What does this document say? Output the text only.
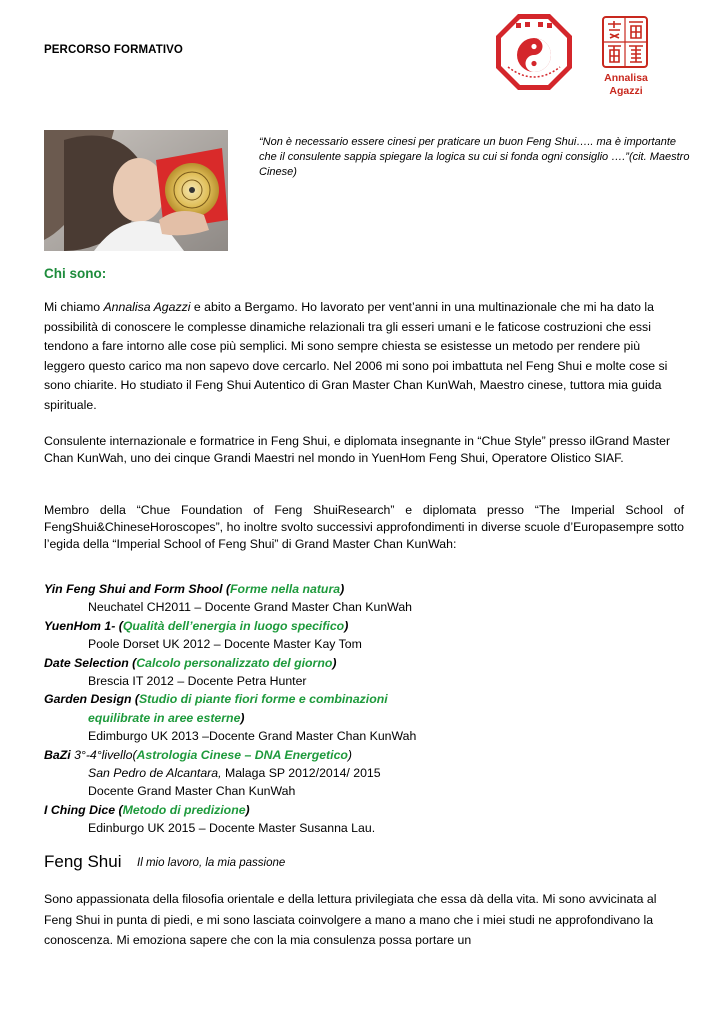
PERCORSO FORMATIVO
Annalisa
Agazzi
“Non è necessario essere cinesi per praticare un buon Feng Shui….. ma è importante che il consulente sappia spiegare la logica su cui si fonda ogni consiglio ….”(cit. Maestro Cinese)
Chi sono:
Mi chiamo Annalisa Agazzi e abito a Bergamo. Ho lavorato per vent’anni in una multinazionale che mi ha dato la possibilità di conoscere le complesse dinamiche relazionali tra gli esseri umani e le faticose costruzioni che essi tendono a fare intorno alle cose più semplici. Mi sono sempre chiesta se esistesse un metodo per rendere più leggero questo carico ma non sapevo dove cercarlo. Nel 2006 mi sono poi imbattuta nel Feng Shui e molte cose si sono chiarite. Ho studiato il Feng Shui Autentico di Gran Master Chan KunWah, Maestro cinese, tuttora mia guida spirituale.
Consulente internazionale e formatrice in Feng Shui, e diplomata insegnante in “Chue Style” presso ilGrand Master Chan KunWah, uno dei cinque Grandi Maestri nel mondo in YuenHom Feng Shui, Operatore Olistico SIAF.
Membro della “Chue Foundation of Feng ShuiResearch” e diplomata presso “The Imperial School of FengShui&ChineseHoroscopes”, ho inoltre svolto successivi approfondimenti in diverse scuole d’Europasempre sotto l’egida della “Imperial School of Feng Shui” di Grand Master Chan KunWah:
Yin Feng Shui and Form Shool (Forme nella natura)
Neuchatel CH2011 – Docente Grand Master Chan KunWah
YuenHom 1- (Qualità dell’energia in luogo specifico)
Poole Dorset UK 2012 – Docente Master Kay Tom
Date Selection (Calcolo personalizzato del giorno)
Brescia IT 2012 – Docente Petra Hunter
Garden Design (Studio di piante fiori forme e combinazioni
equilibrate in aree esterne)
Edimburgo UK 2013 –Docente Grand Master Chan KunWah
BaZi 3°-4°livello(Astrologia Cinese – DNA Energetico)
San Pedro de Alcantara, Malaga SP 2012/2014/ 2015
Docente Grand Master Chan KunWah
I Ching Dice (Metodo di predizione)
Edinburgo UK 2015 – Docente Master Susanna Lau.
Feng Shui Il mio lavoro, la mia passione
Sono appassionata della filosofia orientale e della lettura privilegiata che essa dà della vita. Mi sono avvicinata al Feng Shui in punta di piedi, e mi sono lasciata coinvolgere a mano a mano che i miei studi ne approfondivano la conoscenza. Mi emoziona sapere che con la mia consulenza possa portare un
